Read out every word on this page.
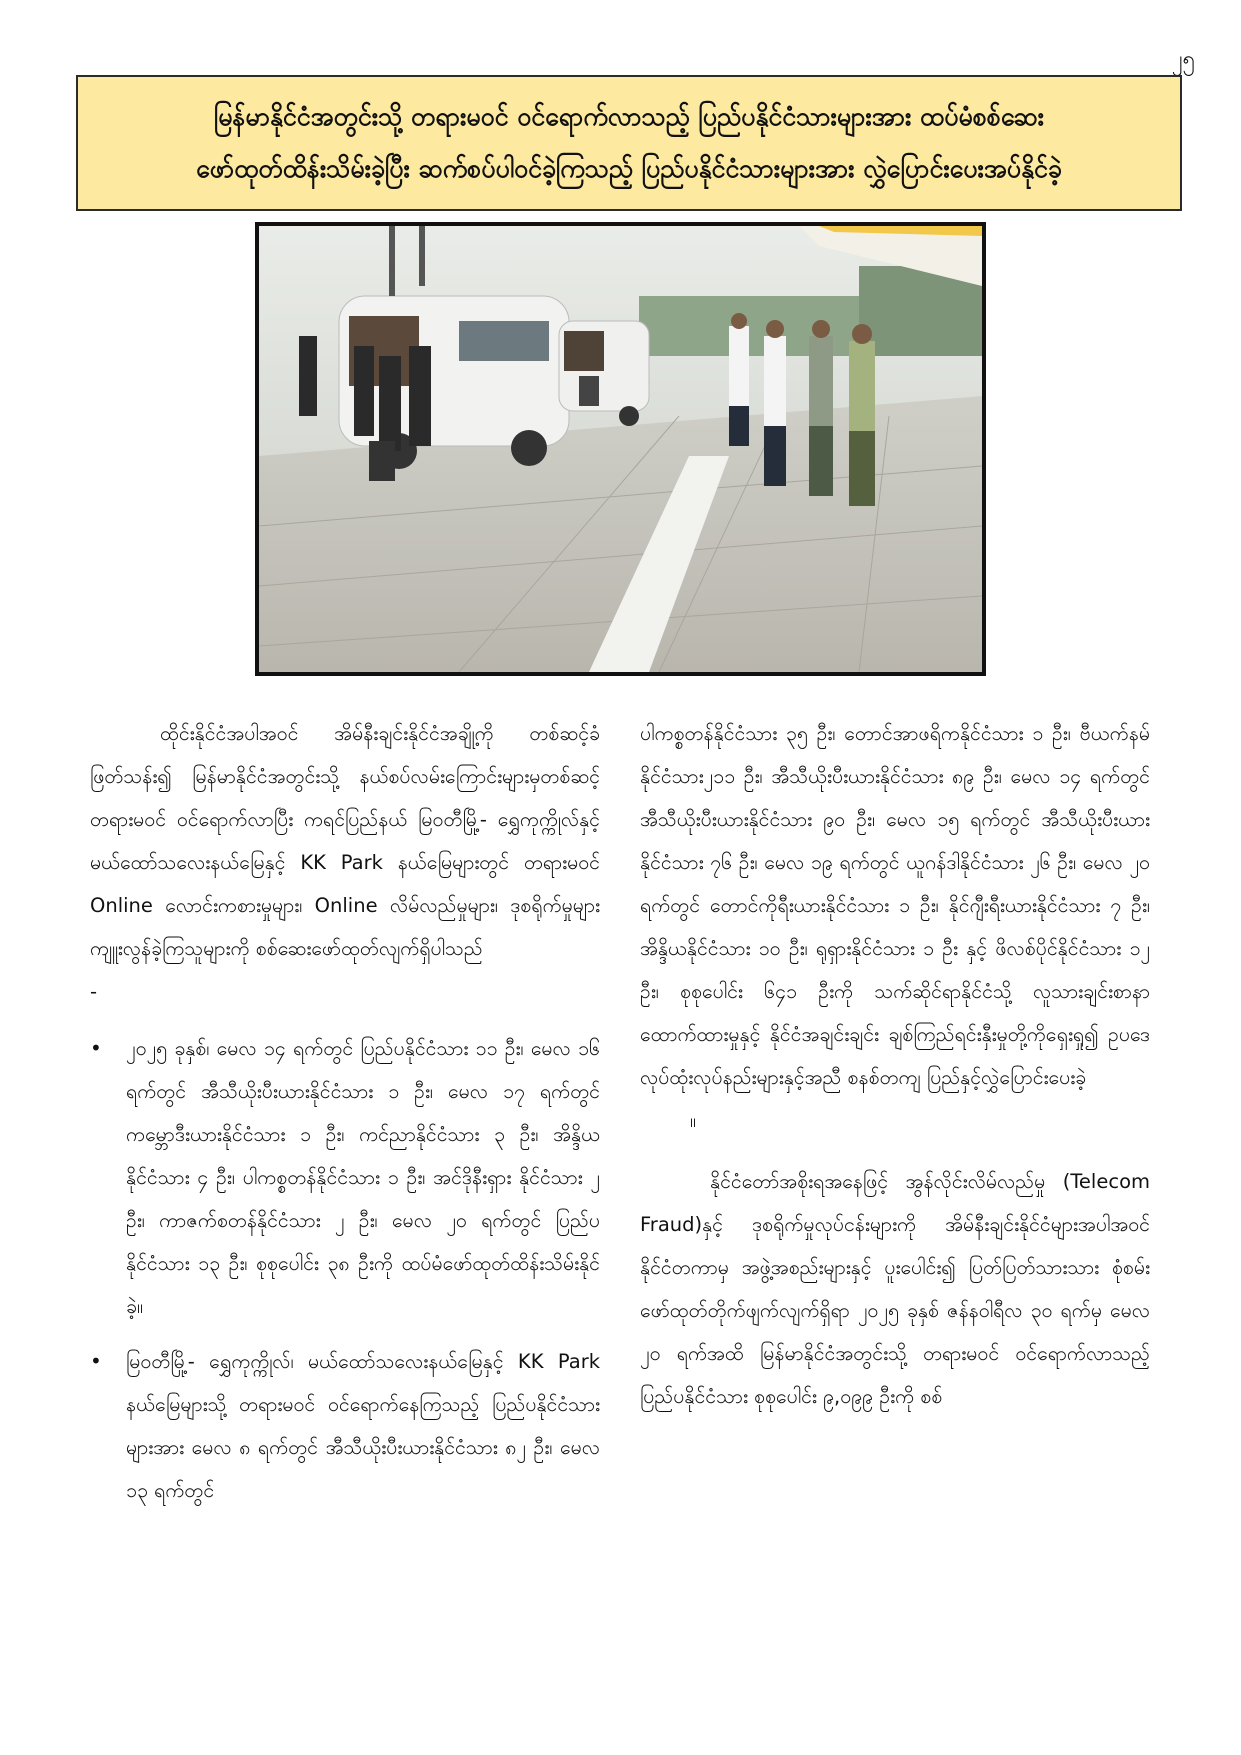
၂၅
မြန်မာနိုင်ငံအတွင်းသို့ တရားမဝင် ဝင်ရောက်လာသည့် ပြည်ပနိုင်ငံသားများအား ထပ်မံစစ်ဆေး
ဖော်ထုတ်ထိန်းသိမ်းခဲ့ပြီး ဆက်စပ်ပါဝင်ခဲ့ကြသည့် ပြည်ပနိုင်ငံသားများအား လွှဲပြောင်းပေးအပ်နိုင်ခဲ့

ထိုင်းနိုင်ငံအပါအဝင် အိမ်နီးချင်းနိုင်ငံအချို့ကို တစ်ဆင့်ခံဖြတ်သန်း၍ မြန်မာနိုင်ငံအတွင်းသို့ နယ်စပ်လမ်းကြောင်းများမှတစ်ဆင့် တရားမဝင် ဝင်ရောက်လာပြီး ကရင်ပြည်နယ် မြဝတီမြို့- ရွှေကုက္ကိုလ်နှင့် မယ်ထော်သလေးနယ်မြေနှင့် KK Park နယ်မြေများတွင် တရားမဝင် Online လောင်းကစားမှုများ၊ Online လိမ်လည်မှုများ၊ ဒုစရိုက်မှုများ ကျူးလွန်ခဲ့ကြသူများကို စစ်ဆေးဖော်ထုတ်လျက်ရှိပါသည်

-

• ၂၀၂၅ ခုနှစ်၊ မေလ ၁၄ ရက်တွင် ပြည်ပနိုင်ငံသား ၁၁ ဦး၊ မေလ ၁၆ ရက်တွင် အီသီယိုးပီးယားနိုင်ငံသား ၁ ဦး၊ မေလ ၁၇ ရက်တွင် ကမ္ဘောဒီးယားနိုင်ငံသား ၁ ဦး၊ ကင်ညာနိုင်ငံသား ၃ ဦး၊ အိန္ဒိယနိုင်ငံသား ၄ ဦး၊ ပါကစ္စတန်နိုင်ငံသား ၁ ဦး၊ အင်ဒိုနီးရှား နိုင်ငံသား ၂ ဦး၊ ကာဇက်စတန်နိုင်ငံသား ၂ ဦး၊ မေလ ၂၀ ရက်တွင် ပြည်ပနိုင်ငံသား ၁၃ ဦး၊ စုစုပေါင်း ၃၈ ဦးကို ထပ်မံဖော်ထုတ်ထိန်းသိမ်းနိုင်ခဲ့။
• မြဝတီမြို့- ရွှေကုက္ကိုလ်၊ မယ်ထော်သလေးနယ်မြေနှင့် KK Park နယ်မြေများသို့ တရားမဝင် ဝင်ရောက်နေကြသည့် ပြည်ပနိုင်ငံသားများအား မေလ ၈ ရက်တွင် အီသီယိုးပီးယားနိုင်ငံသား ၈၂ ဦး၊ မေလ ၁၃ ရက်တွင်

ပါကစ္စတန်နိုင်ငံသား ၃၅ ဦး၊ တောင်အာဖရိကနိုင်ငံသား ၁ ဦး၊ ဗီယက်နမ်နိုင်ငံသား၂၁၁ ဦး၊ အီသီယိုးပီးယားနိုင်ငံသား ၈၉ ဦး၊ မေလ ၁၄ ရက်တွင် အီသီယိုးပီးယားနိုင်ငံသား ၉၀ ဦး၊ မေလ ၁၅ ရက်တွင် အီသီယိုးပီးယားနိုင်ငံသား ၇၆ ဦး၊ မေလ ၁၉ ရက်တွင် ယူဂန်ဒါနိုင်ငံသား ၂၆ ဦး၊ မေလ ၂၀ ရက်တွင် တောင်ကိုရီးယားနိုင်ငံသား ၁ ဦး၊ နိုင်ဂျီးရီးယားနိုင်ငံသား ၇ ဦး၊ အိန္ဒိယနိုင်ငံသား ၁၀ ဦး၊ ရုရှားနိုင်ငံသား ၁ ဦး နှင့် ဖိလစ်ပိုင်နိုင်ငံသား ၁၂ ဦး၊ စုစုပေါင်း ၆၄၁ ဦးကို သက်ဆိုင်ရာနိုင်ငံသို့ လူသားချင်းစာနာ ထောက်ထားမှုနှင့် နိုင်ငံအချင်းချင်း ချစ်ကြည်ရင်းနှီးမှုတို့ကိုရှေးရှု၍ ဥပဒေလုပ်ထုံးလုပ်နည်းများနှင့်အညီ စနစ်တကျ ပြည်နှင့်လွှဲပြောင်းပေးခဲ့

။

နိုင်ငံတော်အစိုးရအနေဖြင့် အွန်လိုင်းလိမ်လည်မှု (Telecom Fraud)နှင့် ဒုစရိုက်မှုလုပ်ငန်းများကို အိမ်နီးချင်းနိုင်ငံများအပါအဝင် နိုင်ငံတကာမှ အဖွဲ့အစည်းများနှင့် ပူးပေါင်း၍ ပြတ်ပြတ်သားသား စုံစမ်းဖော်ထုတ်တိုက်ဖျက်လျက်ရှိရာ ၂၀၂၅ ခုနှစ် ဇန်နဝါရီလ ၃၀ ရက်မှ မေလ ၂၀ ရက်အထိ မြန်မာနိုင်ငံအတွင်းသို့ တရားမဝင် ဝင်ရောက်လာသည့် ပြည်ပနိုင်ငံသား စုစုပေါင်း ၉,၀၉၉ ဦးကို စစ်
